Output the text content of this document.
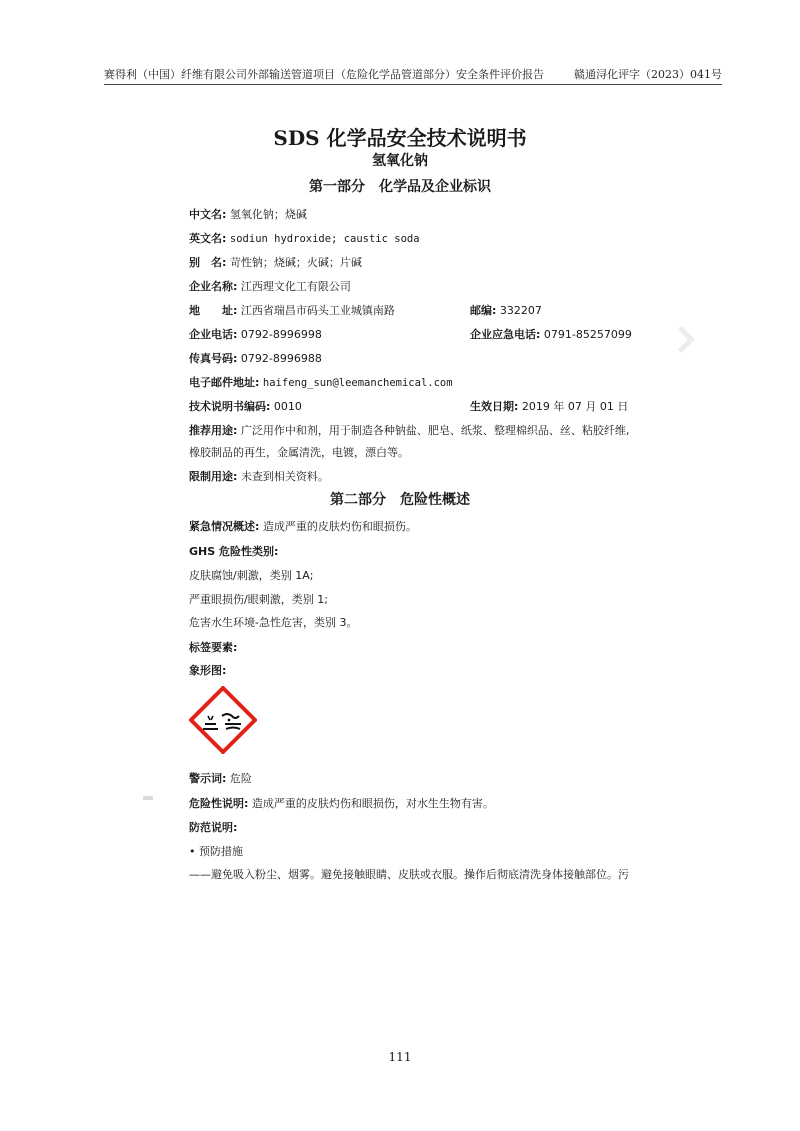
赛得利（中国）纤维有限公司外部输送管道项目（危险化学品管道部分）安全条件评价报告	赣通浔化评字（2023）041号
SDS 化学品安全技术说明书
氢氧化钠
第一部分　化学品及企业标识
中文名: 氢氧化钠；烧碱
英文名: sodiun hydroxide; caustic soda
别　名: 苛性钠；烧碱；火碱；片碱
企业名称: 江西理文化工有限公司
地　　址: 江西省瑞昌市码头工业城镇南路	邮编: 332207
企业电话: 0792-8996998	企业应急电话: 0791-85257099
传真号码: 0792-8996988
电子邮件地址: haifeng_sun@leemanchemical.com
技术说明书编码: 0010	生效日期: 2019 年 07 月 01 日
推荐用途: 广泛用作中和剂，用于制造各种钠盐、肥皂、纸浆、整理棉织品、丝、粘胶纤维,
橡胶制品的再生，金属清洗，电镀，漂白等。
限制用途: 未查到相关资料。
第二部分　危险性概述
紧急情况概述: 造成严重的皮肤灼伤和眼损伤。
GHS 危险性类别:
皮肤腐蚀/刺激，类别 1A;
严重眼损伤/眼刺激，类别 1;
危害水生环境-急性危害，类别 3。
标签要素:
象形图:
警示词: 危险
危险性说明: 造成严重的皮肤灼伤和眼损伤，对水生生物有害。
防范说明:
• 预防措施
——避免吸入粉尘、烟雾。避免接触眼睛、皮肤或衣服。操作后彻底清洗身体接触部位。污
111
